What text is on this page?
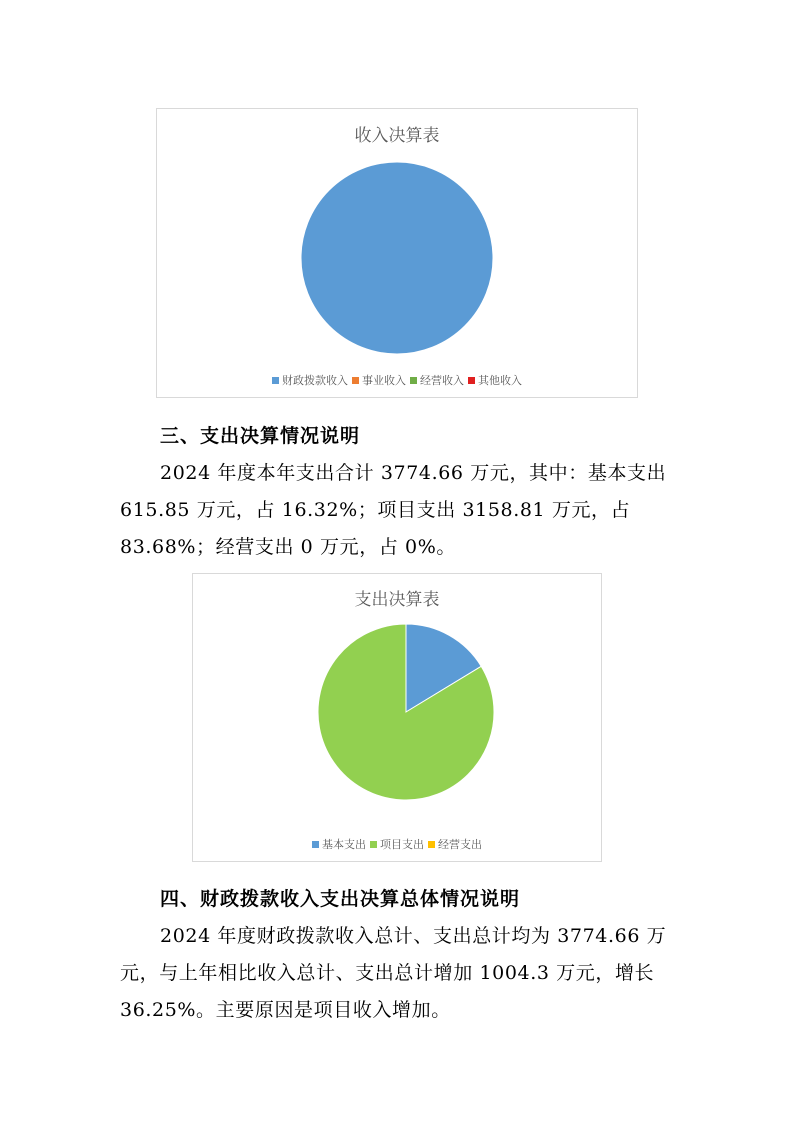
收入决算表
财政拨款收入 事业收入 经营收入 其他收入
三、支出决算情况说明

2024 年度本年支出合计 3774.66 万元，其中：基本支出 615.85 万元，占 16.32%；项目支出 3158.81 万元，占 83.68%；经营支出 0 万元，占 0%。

支出决算表
基本支出 项目支出 经营支出
四、财政拨款收入支出决算总体情况说明

2024 年度财政拨款收入总计、支出总计均为 3774.66 万元，与上年相比收入总计、支出总计增加 1004.3 万元，增长 36.25%。主要原因是项目收入增加。
